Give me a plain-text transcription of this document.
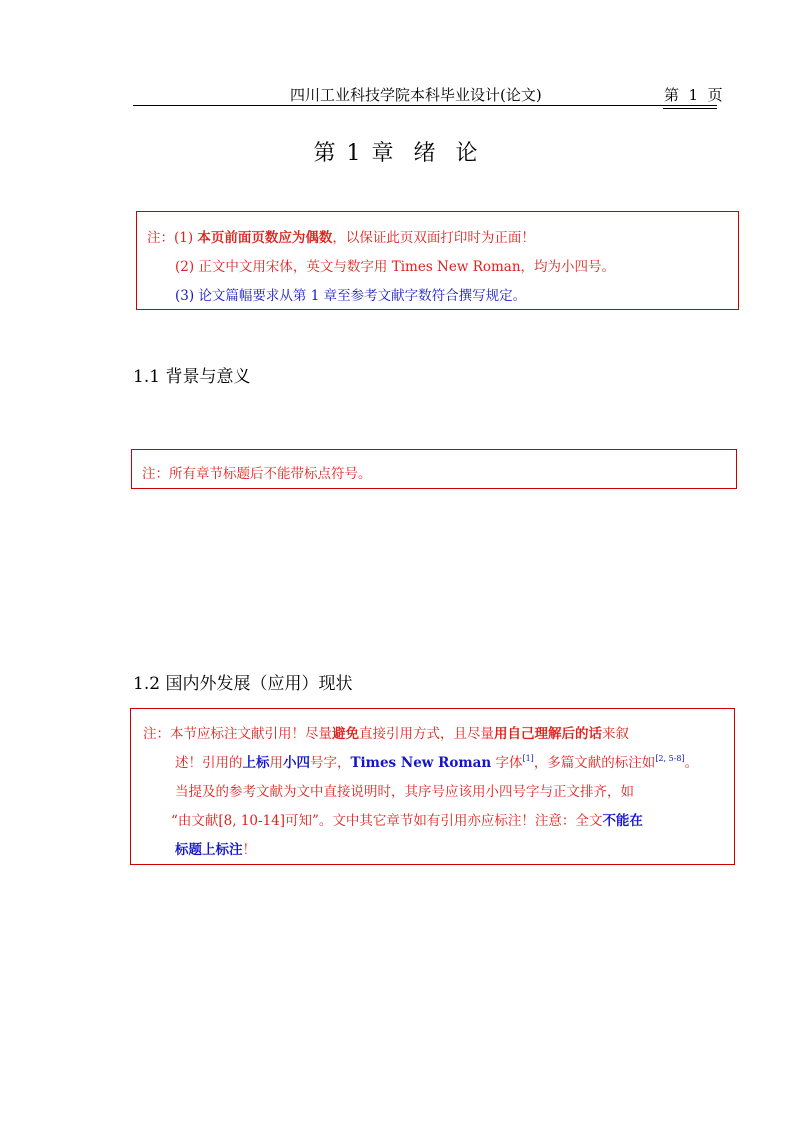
四川工业科技学院本科毕业设计(论文)	第  1  页
第 1 章  绪  论
注：(1) 本页前面页数应为偶数，以保证此页双面打印时为正面！
(2) 正文中文用宋体，英文与数字用 Times New Roman，均为小四号。
(3) 论文篇幅要求从第 1 章至参考文献字数符合撰写规定。
1.1 背景与意义
注：所有章节标题后不能带标点符号。
1.2 国内外发展（应用）现状
注：本节应标注文献引用！尽量避免直接引用方式，且尽量用自己理解后的话来叙
述！引用的上标用小四号字，Times New Roman 字体[1]，多篇文献的标注如[2, 5-8]。
当提及的参考文献为文中直接说明时，其序号应该用小四号字与正文排齐，如
“由文献[8, 10-14]可知”。文中其它章节如有引用亦应标注！注意：全文不能在
标题上标注！
